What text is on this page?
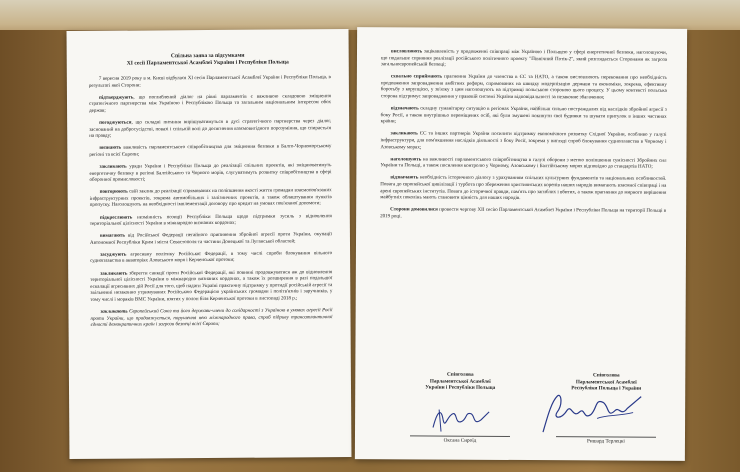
Спільна заява за підсумками
XI сесії Парламентської Асамблеї України і Республіки Польща
7 вересня 2019 року в м. Києві відбулася XI сесія Парламентської Асамблеї України і Республіки Польща, в результаті якої Сторони:
підтверджують, що поглиблений діалог на рівні парламентів є важливою складовою зміцнення стратегічного партнерства між Україною і Республікою Польща та загальним національним інтересом обох держав;
погоджуються, що складні питання вирішуватимуться в дусі стратегічного партнерства через діалог, заснований на добросусідстві, повазі і спільній волі до досягнення взаємовигідного порозуміння, що спирається на правду;
визнають важливість парламентського співробітництва для зміцнення безпеки в Балто-Чорноморському регіоні та всієї Європи;
закликають уряди України і Республіки Польща до реалізації спільних проектів, які зміцнюватимуть енергетичну безпеку в регіоні Балтійського та Чорного морів, слугуватимуть розвитку співробітництва в сфері оборонної промисловості;
повторюють свій заклик до реалізації спрямованих на поліпшення якості життя громадян взаємопов'язаних інфраструктурних проектів, зокрема автомобільних і залізничних проектів, а також облаштування пунктів пропуску. Наголошують на необхідності імплементації договору про кредит на умовах пов'язаної допомоги;
підкреслюють незмінність позиції Республіки Польща щодо підтримки зусиль з відновлення територіальної цілісності України в міжнародно визнаних кордонах;
вимагають від Російської Федерації негайного припинення збройної агресії проти України, окупації Автономної Республіки Крим і міста Севастополя та частини Донецької та Луганської областей;
засуджують агресивну політику Російської Федерації, в тому числі спроби блокування вільного судноплавства в акваторіях Азовського моря і Керченської протоки;
закликають зберегти санкції проти Російської Федерації, які повинні продовжуватися аж до відновлення територіальної цілісності України в міжнародно визнаних кордонах, а також їх розширення в разі подальшої ескалації агресивних дій Росії для того, щоб надати Україні практичну підтримку у протидії російській агресії та звільненні незаконно утримуваних Російською Федерацією українських громадян і політв'язнів і заручників, у тому числі і моряків ВМС України, взятих у полон біля Керченської протоки в листопаді 2018 р.;
закликають Європейський Союз та його держави-члени до солідарності з Україною в умовах агресії Росії проти України, що продовжується, порушення нею міжнародного права, спроб підриву трансатлантичної єдності демократичних країн і загрози безпеці всієї Європи;
висловлюють зацікавленість у продовженні співпраці між Україною і Польщею у сфері енергетичної безпеки, наголошуючи, що подальше сприяння реалізації російського політичного проекту "Північний Потік-2", який розглядається Сторонами як загроза загальноєвропейській безпеці;
схвально сприймають прагнення України до членства в ЄС та НАТО, а також висловлюють переконання про необхідність продовження запровадження амбітних реформ, спрямованих на швидку модернізацію держави та економіки, зокрема, ефективну боротьбу з корупцією, у зв'язку з цим наголошують на підтримці польською стороною цього процесу. У цьому контексті польська сторона підтримує запровадження у правовій системі України відповідальності за незаконне збагачення;
відзначають складну гуманітарну ситуацію в регіонах України, найбільш сильно постраждалих від наслідків збройної агресії з боку Росії, а також внутрішньо переміщених осіб, які були змушені покинути свої будинки та шукати притулок в інших частинах країни;
закликають ЄС та інших партнерів України посилити підтримку економічного розвитку Східної України, особливо у галузі інфраструктури, для пом'якшення наслідків діяльності з боку Росії, зокрема у вигляді спроб блокування судноплавства в Чорному і Азовському морях;
наголошують на важливості парламентського співробітництва в галузі оборони з метою поліпшення сумісності Збройних сил України та Польщі, а також посилення контролю у Чорному, Азовському і Балтійському морях відповідно до стандартів НАТО;
відзначають необхідність історичного діалогу з урахуванням спільних культурних фундаментів та національних особливостей. Повага до європейської цивілізації і турбота про збереження християнських коренів наших народів вимагають взаємної співпраці і на арені європейських інститутів. Повага до історичної правди, пам'ять про загиблих і вбитих, а також прагнення до мирного вирішення майбутніх поколінь мають становити цінність для наших народів.
Сторони домовилися провести чергову XII сесію Парламентської Асамблеї України і Республіки Польща на території Польщі в 2019 році.
Співголова
Парламентської Асамблеї
України і Республіки Польща
Оксана Сироїд
Співголова
Парламентської Асамблеї
Республіки Польща і України
Ришард Терлецкі
